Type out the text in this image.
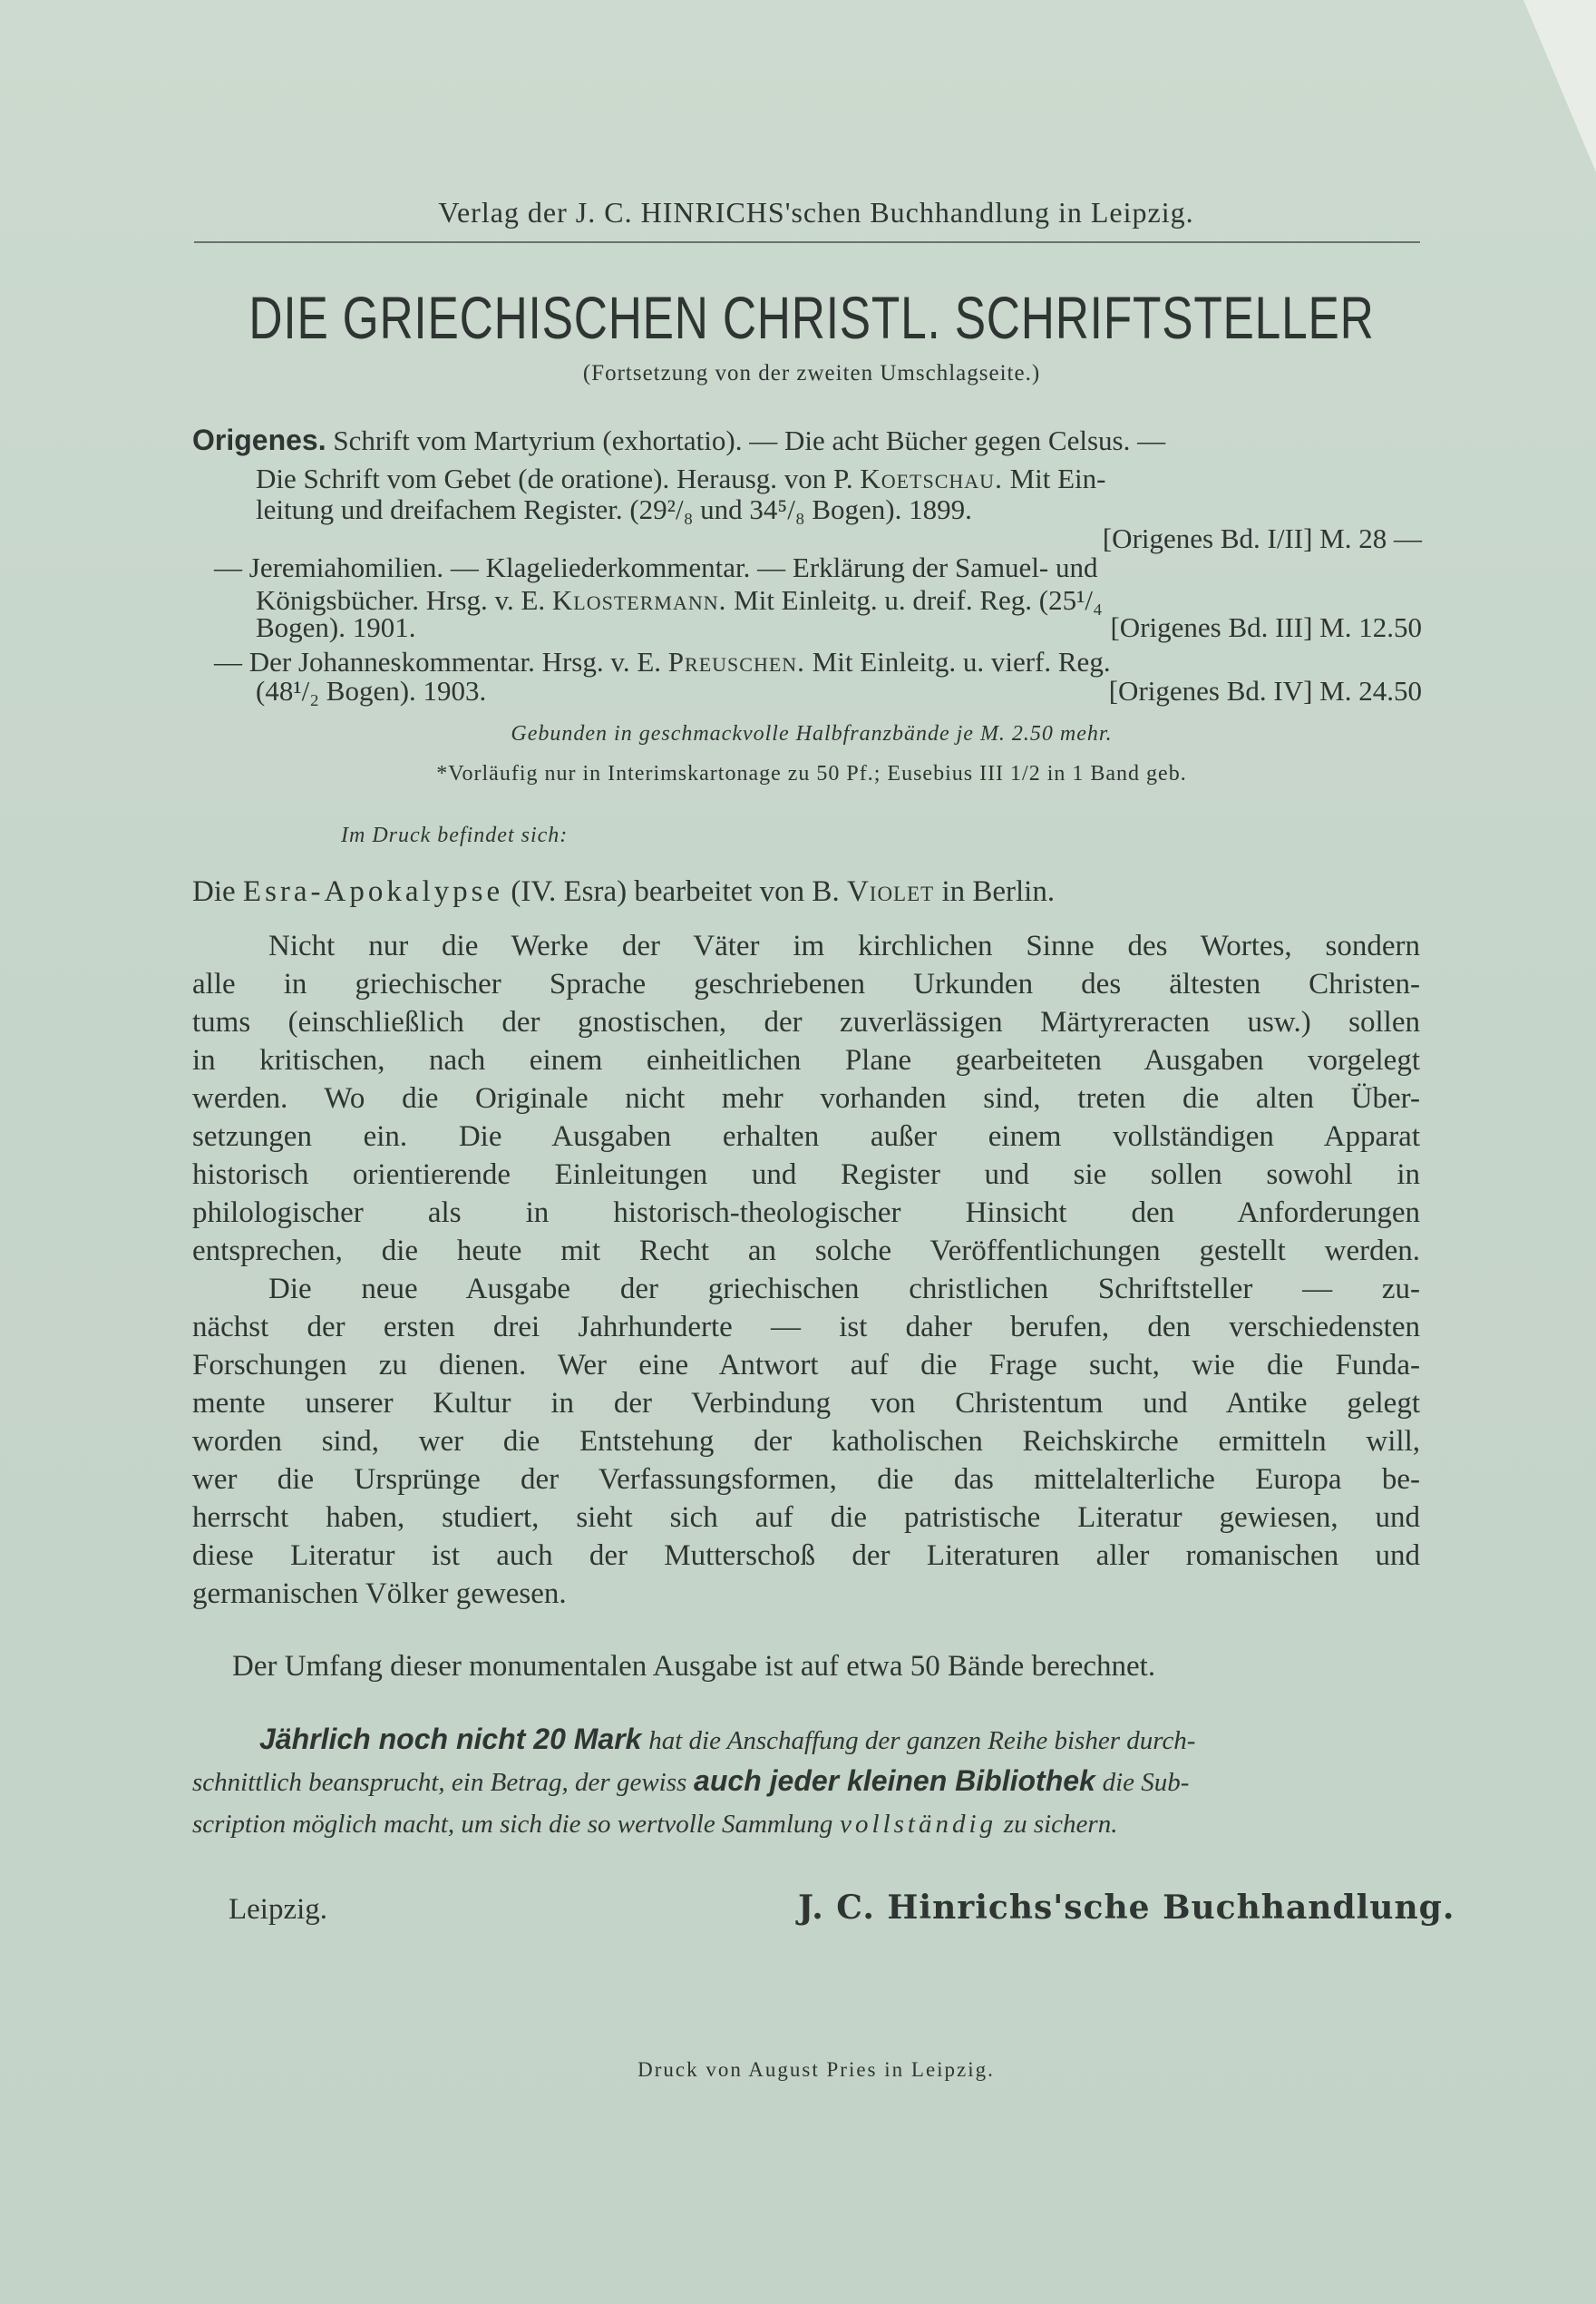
Verlag der J. C. HINRICHS'schen Buchhandlung in Leipzig.
DIE GRIECHISCHEN CHRISTL. SCHRIFTSTELLER
(Fortsetzung von der zweiten Umschlagseite.)
Origenes. Schrift vom Martyrium (exhortatio). — Die acht Bücher gegen Celsus. —
Die Schrift vom Gebet (de oratione). Herausg. von P. Koetschau. Mit Ein-
leitung und dreifachem Register. (29²/₈ und 34⁵/₈ Bogen). 1899.
[Origenes Bd. I/II] M. 28 —
— Jeremiahomilien. — Klageliederkommentar. — Erklärung der Samuel- und
Königsbücher. Hrsg. v. E. Klostermann. Mit Einleitg. u. dreif. Reg. (25¹/₄
Bogen). 1901.	[Origenes Bd. III] M. 12.50
— Der Johanneskommentar. Hrsg. v. E. Preuschen. Mit Einleitg. u. vierf. Reg.
(48¹/₂ Bogen). 1903.	[Origenes Bd. IV] M. 24.50
Gebunden in geschmackvolle Halbfranzbände je M. 2.50 mehr.
*Vorläufig nur in Interimskartonage zu 50 Pf.; Eusebius III 1/2 in 1 Band geb.
Im Druck befindet sich:
Die Esra-Apokalypse (IV. Esra) bearbeitet von B. Violet in Berlin.
Nicht nur die Werke der Väter im kirchlichen Sinne des Wortes, sondern
alle in griechischer Sprache geschriebenen Urkunden des ältesten Christen-
tums (einschließlich der gnostischen, der zuverlässigen Märtyreracten usw.) sollen
in kritischen, nach einem einheitlichen Plane gearbeiteten Ausgaben vorgelegt
werden. Wo die Originale nicht mehr vorhanden sind, treten die alten Über-
setzungen ein. Die Ausgaben erhalten außer einem vollständigen Apparat
historisch orientierende Einleitungen und Register und sie sollen sowohl in
philologischer als in historisch-theologischer Hinsicht den Anforderungen
entsprechen, die heute mit Recht an solche Veröffentlichungen gestellt werden.
Die neue Ausgabe der griechischen christlichen Schriftsteller — zu-
nächst der ersten drei Jahrhunderte — ist daher berufen, den verschiedensten
Forschungen zu dienen. Wer eine Antwort auf die Frage sucht, wie die Funda-
mente unserer Kultur in der Verbindung von Christentum und Antike gelegt
worden sind, wer die Entstehung der katholischen Reichskirche ermitteln will,
wer die Ursprünge der Verfassungsformen, die das mittelalterliche Europa be-
herrscht haben, studiert, sieht sich auf die patristische Literatur gewiesen, und
diese Literatur ist auch der Mutterschoß der Literaturen aller romanischen und
germanischen Völker gewesen.
Der Umfang dieser monumentalen Ausgabe ist auf etwa 50 Bände berechnet.
Jährlich noch nicht 20 Mark hat die Anschaffung der ganzen Reihe bisher durch-
schnittlich beansprucht, ein Betrag, der gewiss auch jeder kleinen Bibliothek die Sub-
scription möglich macht, um sich die so wertvolle Sammlung vollständig zu sichern.
Leipzig.	J. C. Hinrichs'sche Buchhandlung.
Druck von August Pries in Leipzig.
